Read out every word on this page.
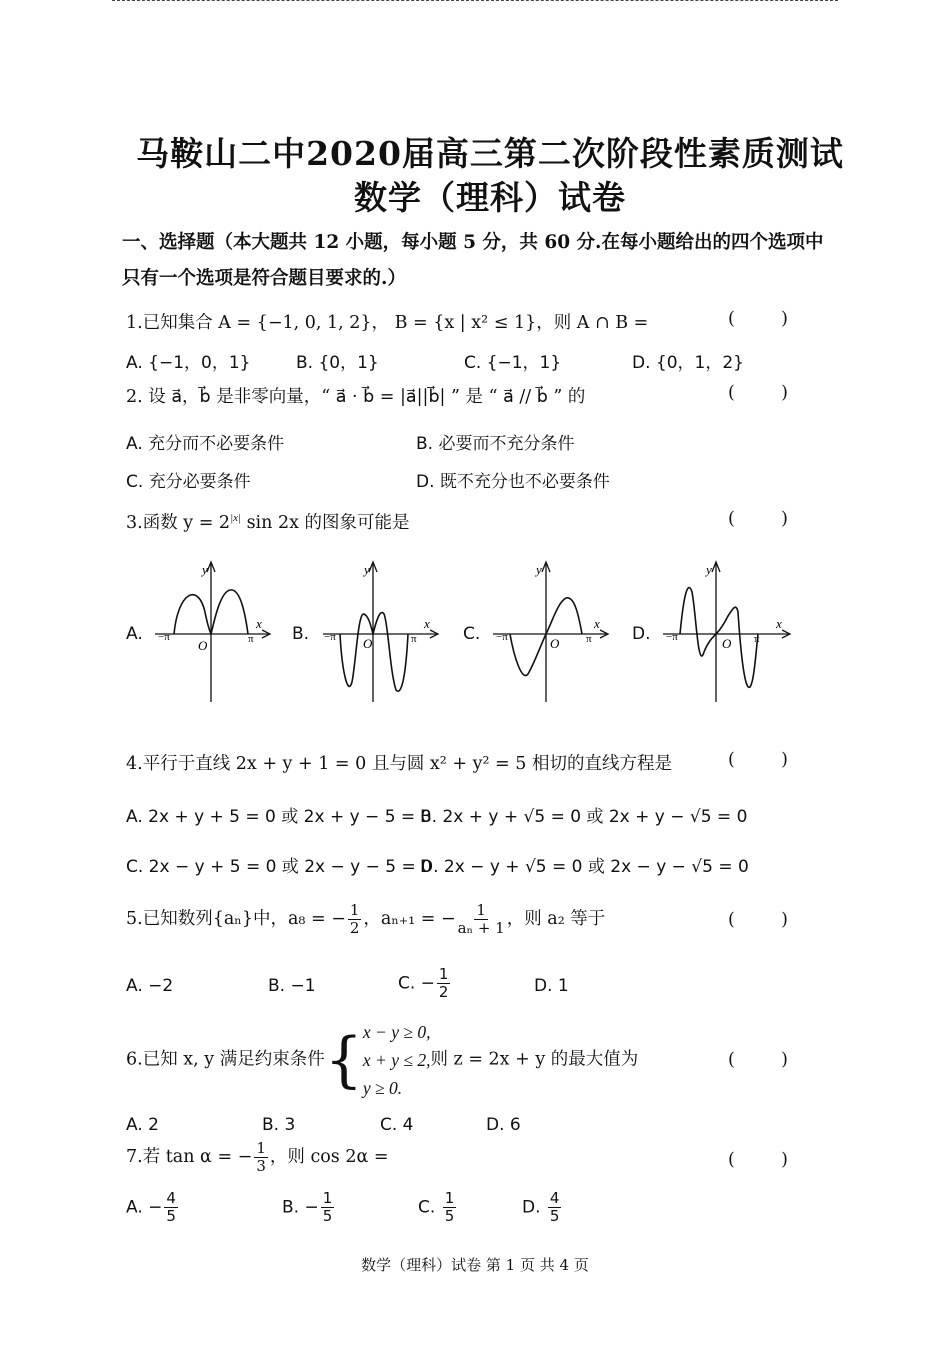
马鞍山二中2020届高三第二次阶段性素质测试
数学（理科）试卷
一、选择题（本大题共 12 小题，每小题 5 分，共 60 分.在每小题给出的四个选项中
只有一个选项是符合题目要求的.）
1.已知集合 A = {−1, 0, 1, 2}， B = {x | x² ≤ 1}，则 A ∩ B =	(	)
A. {−1，0，1}	B. {0，1}	C. {−1，1}	D. {0，1，2}
2. 设 a⃗，b⃗ 是非零向量，“ a⃗ · b⃗ = |a⃗||b⃗| ” 是 “ a⃗ // b⃗ ” 的	(	)
A. 充分而不必要条件	B. 必要而不充分条件
C. 充分必要条件	D. 既不充分也不必要条件
3.函数 $y = 2^{|x|}$ sin 2x 的图象可能是	(	)
A.	B.	C.	D.
y
x
O
−π	π
y
x
O
−π	π
y
x
O
−π	π
y
x
O
−π	π
4.平行于直线 2x + y + 1 = 0 且与圆 x² + y² = 5 相切的直线方程是	(	)
A. 2x + y + 5 = 0 或 2x + y − 5 = 0
B. 2x + y + √5 = 0 或 2x + y − √5 = 0
C. 2x − y + 5 = 0 或 2x − y − 5 = 0
D. 2x − y + √5 = 0 或 2x − y − √5 = 0
5.已知数列{aₙ}中，a₈ = − $\frac{1}{2}$ ，aₙ₊₁ = − $\frac{1}{\text{aₙ + 1}}$ ，则 a₂ 等于	(	)
A. −2	B. −1	C. − $\frac{1}{2}$	D. 1
6.已知 x, y 满足约束条件{ x − y ≥ 0,
x + y ≤ 2,
y ≥ 0.
则 z = 2x + y 的最大值为	(	)
A. 2	B. 3	C. 4	D. 6
7.若 tan α = − $\frac{1}{3}$ ，则 cos 2α =	(	)
A. − $\frac{4}{5}$	B. − $\frac{1}{5}$	C. $\frac{1}{5}$	D. $\frac{4}{5}$
数学（理科）试卷 第 1 页 共 4 页
